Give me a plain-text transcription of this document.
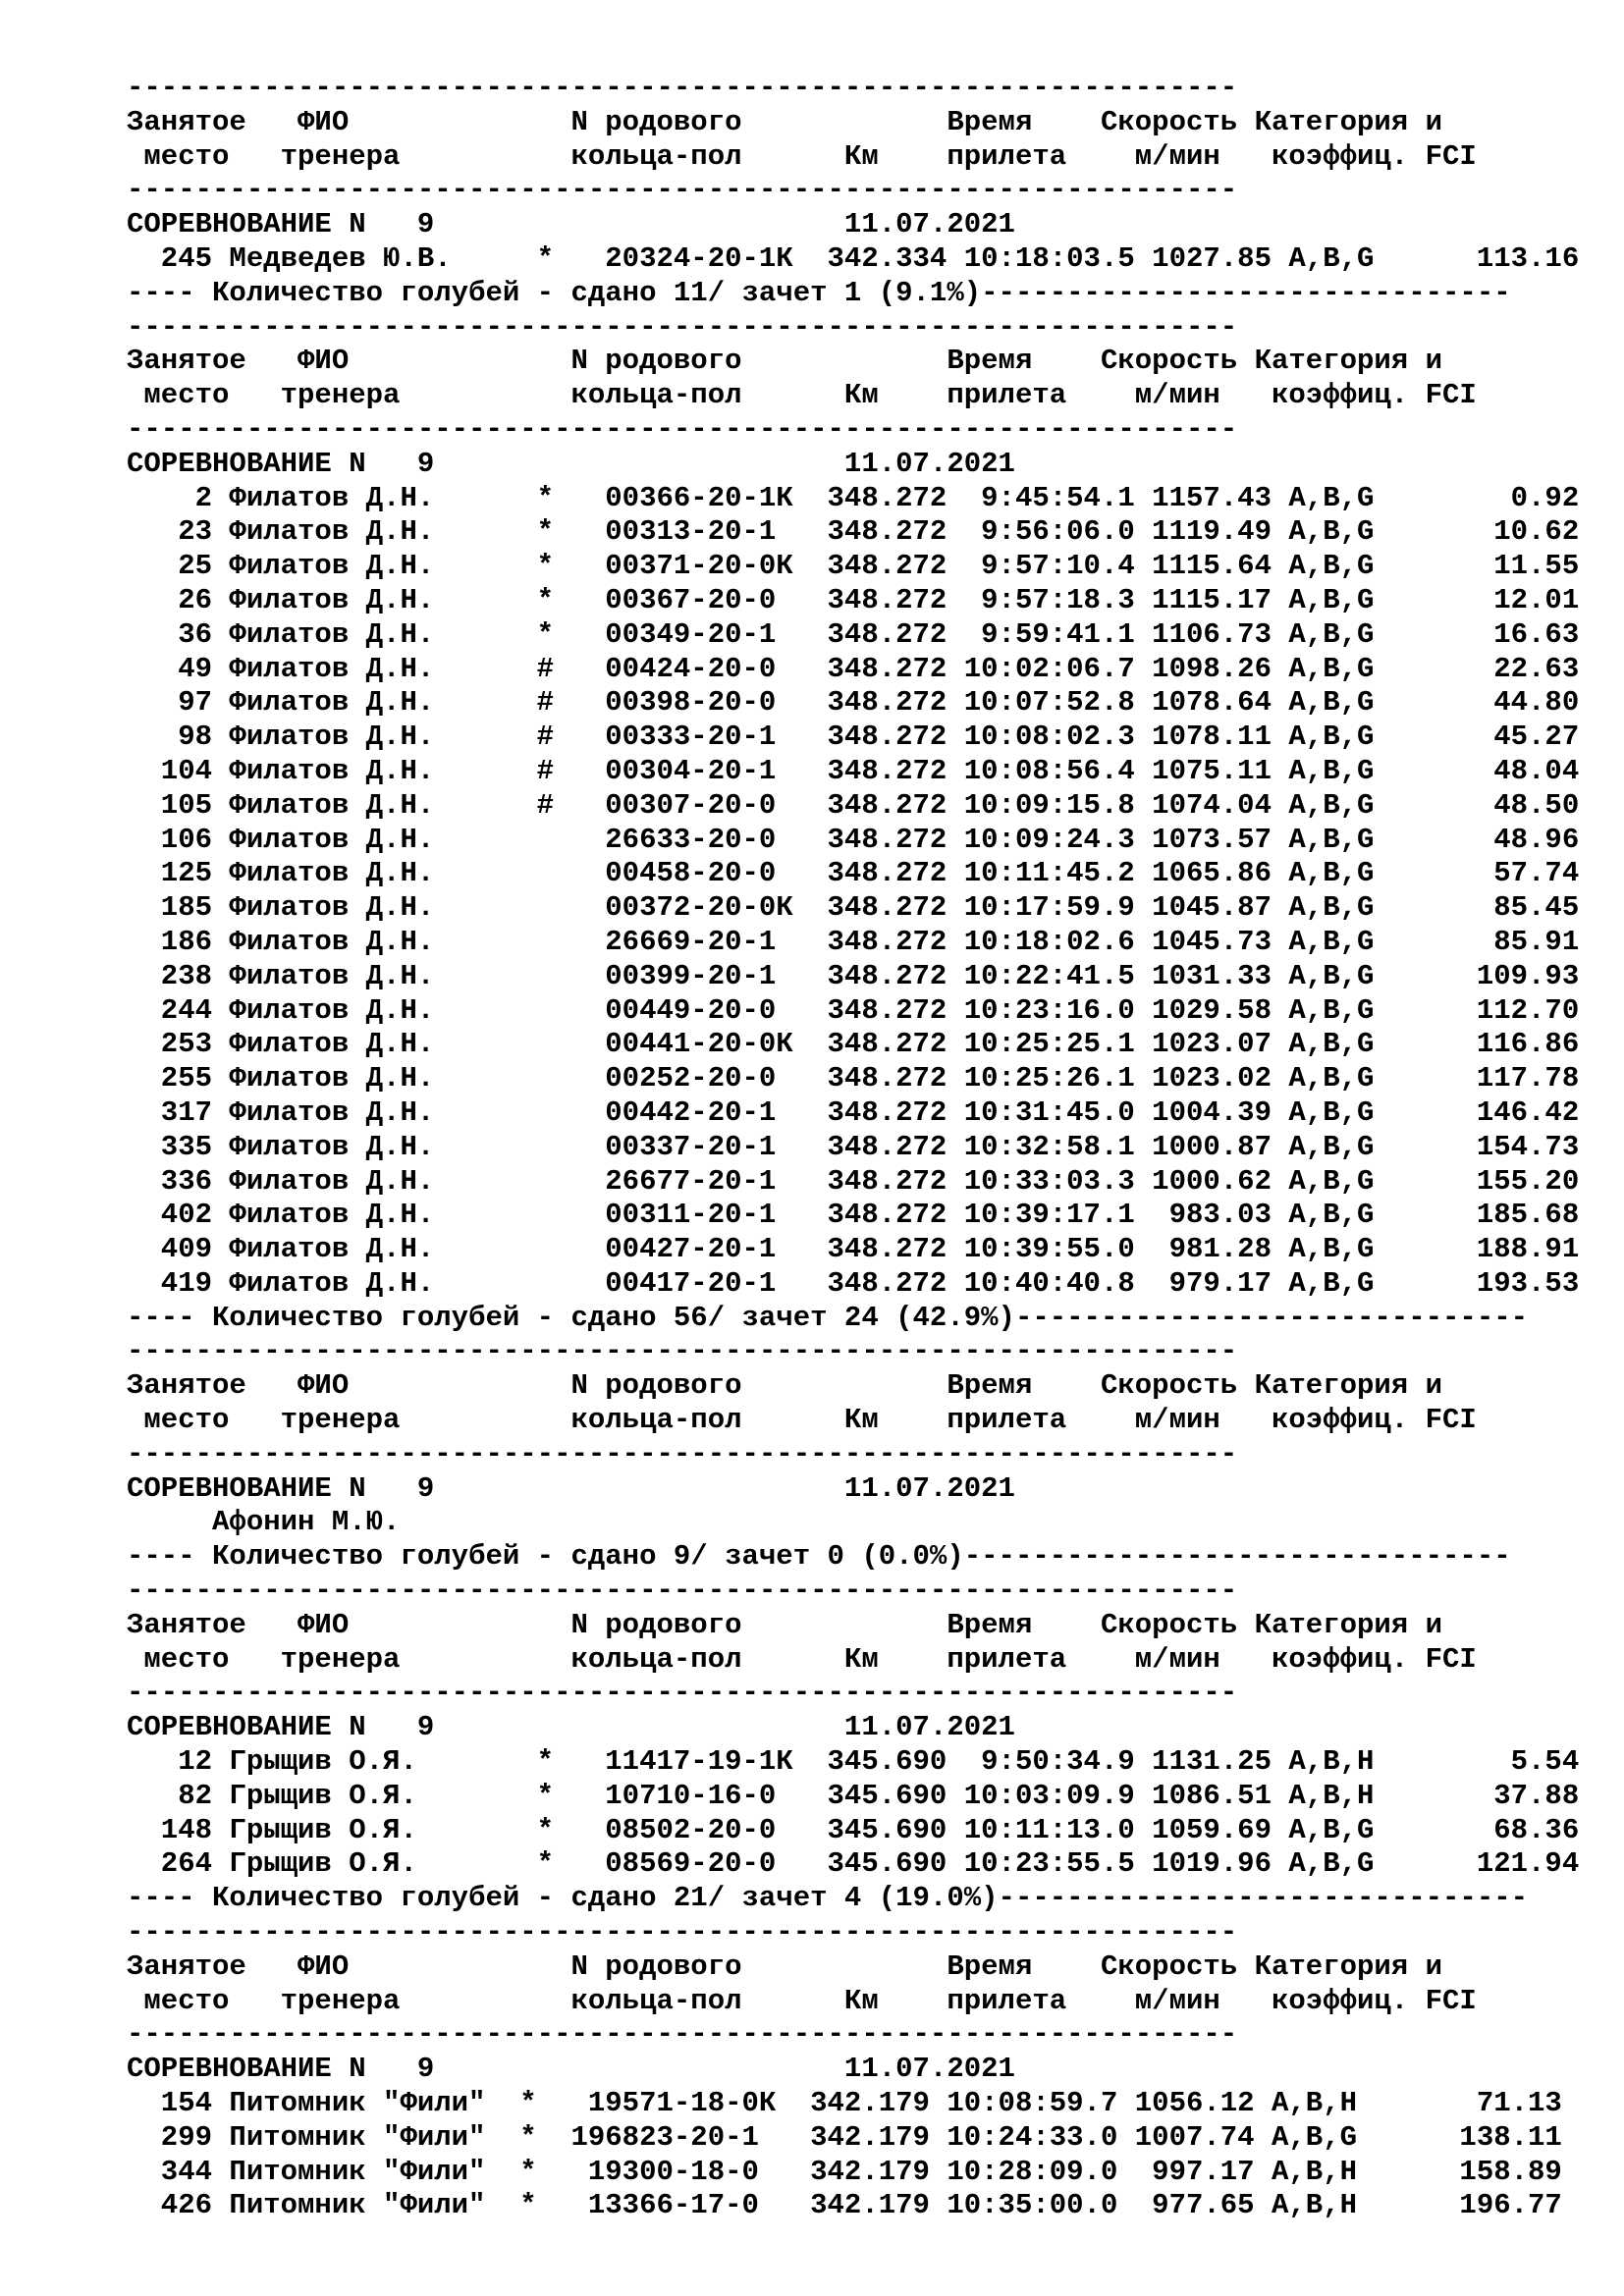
-----------------------------------------------------------------
Занятое   ФИО             N родового            Время    Скорость Категория и
место   тренера          кольца-пол      Км    прилета    м/мин   коэффиц. FCI
-----------------------------------------------------------------
СОРЕВНОВАНИЕ N   9                        11.07.2021
245 Медведев Ю.В.     *   20324-20-1К  342.334 10:18:03.5 1027.85 A,B,G      113.16
---- Количество голубей - сдано 11/ зачет 1 (9.1%)-------------------------------
-----------------------------------------------------------------
Занятое   ФИО             N родового            Время    Скорость Категория и
место   тренера          кольца-пол      Км    прилета    м/мин   коэффиц. FCI
-----------------------------------------------------------------
СОРЕВНОВАНИЕ N   9                        11.07.2021
2 Филатов Д.Н.      *   00366-20-1К  348.272  9:45:54.1 1157.43 A,B,G        0.92
23 Филатов Д.Н.      *   00313-20-1   348.272  9:56:06.0 1119.49 A,B,G       10.62
25 Филатов Д.Н.      *   00371-20-0К  348.272  9:57:10.4 1115.64 A,B,G       11.55
26 Филатов Д.Н.      *   00367-20-0   348.272  9:57:18.3 1115.17 A,B,G       12.01
36 Филатов Д.Н.      *   00349-20-1   348.272  9:59:41.1 1106.73 A,B,G       16.63
49 Филатов Д.Н.      #   00424-20-0   348.272 10:02:06.7 1098.26 A,B,G       22.63
97 Филатов Д.Н.      #   00398-20-0   348.272 10:07:52.8 1078.64 A,B,G       44.80
98 Филатов Д.Н.      #   00333-20-1   348.272 10:08:02.3 1078.11 A,B,G       45.27
104 Филатов Д.Н.      #   00304-20-1   348.272 10:08:56.4 1075.11 A,B,G       48.04
105 Филатов Д.Н.      #   00307-20-0   348.272 10:09:15.8 1074.04 A,B,G       48.50
106 Филатов Д.Н.          26633-20-0   348.272 10:09:24.3 1073.57 A,B,G       48.96
125 Филатов Д.Н.          00458-20-0   348.272 10:11:45.2 1065.86 A,B,G       57.74
185 Филатов Д.Н.          00372-20-0К  348.272 10:17:59.9 1045.87 A,B,G       85.45
186 Филатов Д.Н.          26669-20-1   348.272 10:18:02.6 1045.73 A,B,G       85.91
238 Филатов Д.Н.          00399-20-1   348.272 10:22:41.5 1031.33 A,B,G      109.93
244 Филатов Д.Н.          00449-20-0   348.272 10:23:16.0 1029.58 A,B,G      112.70
253 Филатов Д.Н.          00441-20-0К  348.272 10:25:25.1 1023.07 A,B,G      116.86
255 Филатов Д.Н.          00252-20-0   348.272 10:25:26.1 1023.02 A,B,G      117.78
317 Филатов Д.Н.          00442-20-1   348.272 10:31:45.0 1004.39 A,B,G      146.42
335 Филатов Д.Н.          00337-20-1   348.272 10:32:58.1 1000.87 A,B,G      154.73
336 Филатов Д.Н.          26677-20-1   348.272 10:33:03.3 1000.62 A,B,G      155.20
402 Филатов Д.Н.          00311-20-1   348.272 10:39:17.1  983.03 A,B,G      185.68
409 Филатов Д.Н.          00427-20-1   348.272 10:39:55.0  981.28 A,B,G      188.91
419 Филатов Д.Н.          00417-20-1   348.272 10:40:40.8  979.17 A,B,G      193.53
---- Количество голубей - сдано 56/ зачет 24 (42.9%)------------------------------
-----------------------------------------------------------------
Занятое   ФИО             N родового            Время    Скорость Категория и
место   тренера          кольца-пол      Км    прилета    м/мин   коэффиц. FCI
-----------------------------------------------------------------
СОРЕВНОВАНИЕ N   9                        11.07.2021
Афонин М.Ю.
---- Количество голубей - сдано 9/ зачет 0 (0.0%)--------------------------------
-----------------------------------------------------------------
Занятое   ФИО             N родового            Время    Скорость Категория и
место   тренера          кольца-пол      Км    прилета    м/мин   коэффиц. FCI
-----------------------------------------------------------------
СОРЕВНОВАНИЕ N   9                        11.07.2021
12 Грыщив О.Я.       *   11417-19-1К  345.690  9:50:34.9 1131.25 A,B,H        5.54
82 Грыщив О.Я.       *   10710-16-0   345.690 10:03:09.9 1086.51 A,B,H       37.88
148 Грыщив О.Я.       *   08502-20-0   345.690 10:11:13.0 1059.69 A,B,G       68.36
264 Грыщив О.Я.       *   08569-20-0   345.690 10:23:55.5 1019.96 A,B,G      121.94
---- Количество голубей - сдано 21/ зачет 4 (19.0%)-------------------------------
-----------------------------------------------------------------
Занятое   ФИО             N родового            Время    Скорость Категория и
место   тренера          кольца-пол      Км    прилета    м/мин   коэффиц. FCI
-----------------------------------------------------------------
СОРЕВНОВАНИЕ N   9                        11.07.2021
154 Питомник "Фили"  *   19571-18-0К  342.179 10:08:59.7 1056.12 A,B,H       71.13
299 Питомник "Фили"  *  196823-20-1   342.179 10:24:33.0 1007.74 A,B,G      138.11
344 Питомник "Фили"  *   19300-18-0   342.179 10:28:09.0  997.17 A,B,H      158.89
426 Питомник "Фили"  *   13366-17-0   342.179 10:35:00.0  977.65 A,B,H      196.77
